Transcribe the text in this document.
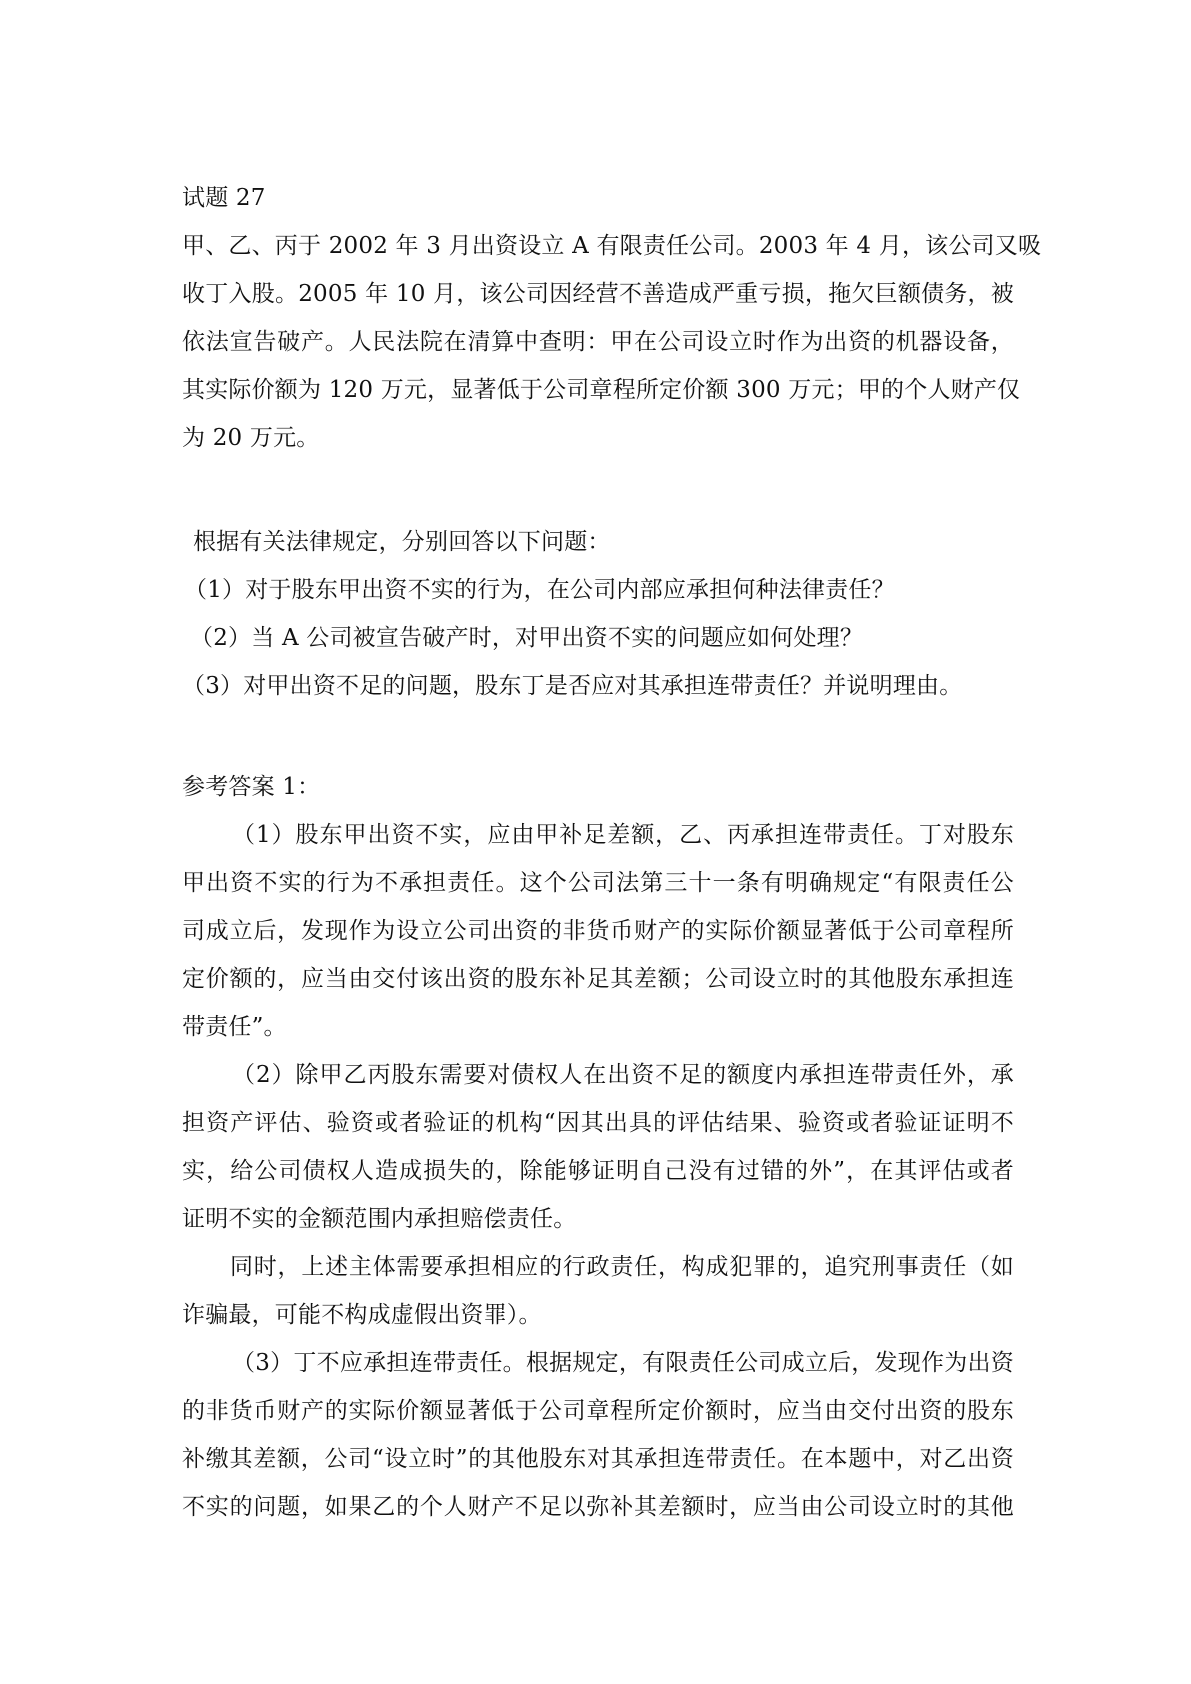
试题 27
甲、乙、丙于 2002 年 3 月出资设立 A 有限责任公司。2003 年 4 月，该公司又吸
收丁入股。2005 年 10 月，该公司因经营不善造成严重亏损，拖欠巨额债务，被
依法宣告破产。人民法院在清算中查明：甲在公司设立时作为出资的机器设备，
其实际价额为 120 万元，显著低于公司章程所定价额 300 万元；甲的个人财产仅
为 20 万元。
根据有关法律规定，分别回答以下问题：
（1）对于股东甲出资不实的行为，在公司内部应承担何种法律责任？
（2）当 A 公司被宣告破产时，对甲出资不实的问题应如何处理？
（3）对甲出资不足的问题，股东丁是否应对其承担连带责任？并说明理由。
参考答案 1：
（1）股东甲出资不实，应由甲补足差额，乙、丙承担连带责任。丁对股东
甲出资不实的行为不承担责任。这个公司法第三十一条有明确规定“有限责任公
司成立后，发现作为设立公司出资的非货币财产的实际价额显著低于公司章程所
定价额的，应当由交付该出资的股东补足其差额；公司设立时的其他股东承担连
带责任”。
（2）除甲乙丙股东需要对债权人在出资不足的额度内承担连带责任外，承
担资产评估、验资或者验证的机构“因其出具的评估结果、验资或者验证证明不
实，给公司债权人造成损失的，除能够证明自己没有过错的外”，在其评估或者
证明不实的金额范围内承担赔偿责任。
同时，上述主体需要承担相应的行政责任，构成犯罪的，追究刑事责任（如
诈骗最，可能不构成虚假出资罪）。
（3）丁不应承担连带责任。根据规定，有限责任公司成立后，发现作为出资
的非货币财产的实际价额显著低于公司章程所定价额时，应当由交付出资的股东
补缴其差额，公司“设立时”的其他股东对其承担连带责任。在本题中，对乙出资
不实的问题，如果乙的个人财产不足以弥补其差额时，应当由公司设立时的其他
